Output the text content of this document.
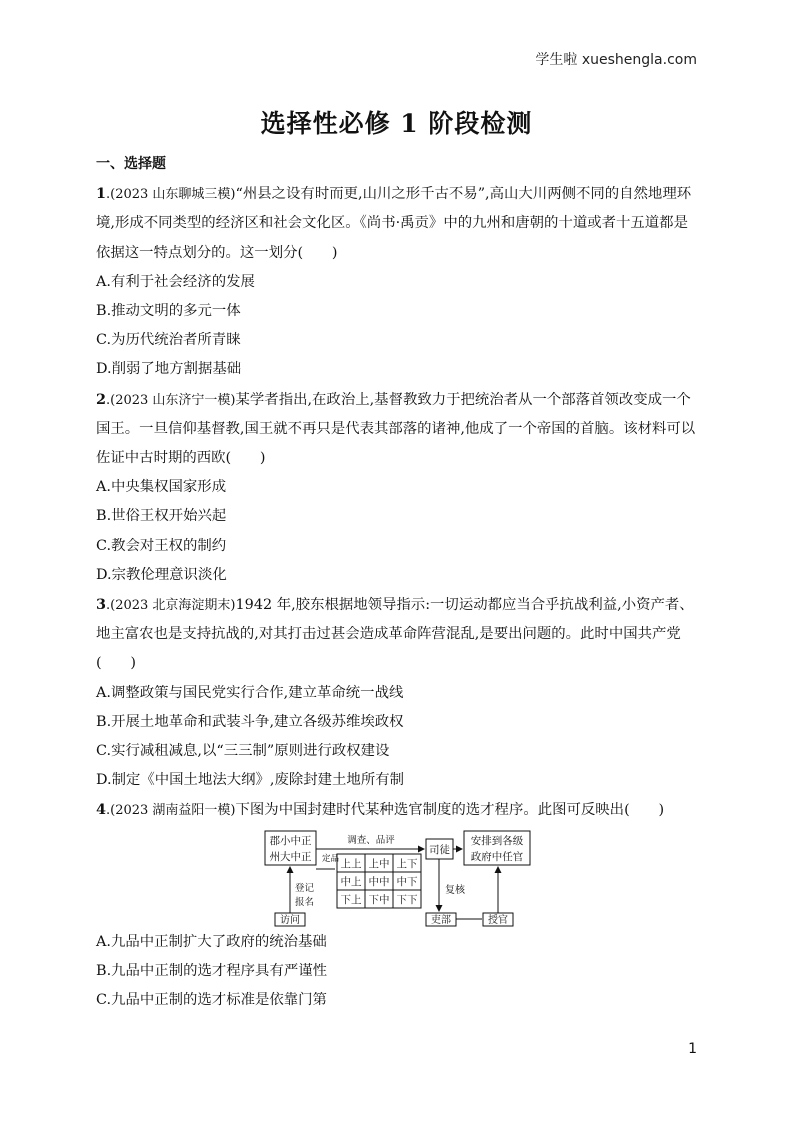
学生啦 xueshengla.com
选择性必修 1 阶段检测
一、选择题

1.(2023 山东聊城三模)“州县之设有时而更,山川之形千古不易”,高山大川两侧不同的自然地理环境,形成不同类型的经济区和社会文化区。《尚书·禹贡》中的九州和唐朝的十道或者十五道都是依据这一特点划分的。这一划分(　　)

A.有利于社会经济的发展

B.推动文明的多元一体

C.为历代统治者所青睐

D.削弱了地方割据基础

2.(2023 山东济宁一模)某学者指出,在政治上,基督教致力于把统治者从一个部落首领改变成一个国王。一旦信仰基督教,国王就不再只是代表其部落的诸神,他成了一个帝国的首脑。该材料可以佐证中古时期的西欧(　　)

A.中央集权国家形成

B.世俗王权开始兴起

C.教会对王权的制约

D.宗教伦理意识淡化

3.(2023 北京海淀期末)1942 年,胶东根据地领导指示:一切运动都应当合乎抗战利益,小资产者、地主富农也是支持抗战的,对其打击过甚会造成革命阵营混乱,是要出问题的。此时中国共产党(　　)

A.调整政策与国民党实行合作,建立革命统一战线

B.开展土地革命和武装斗争,建立各级苏维埃政权

C.实行减租减息,以“三三制”原则进行政权建设

D.制定《中国土地法大纲》,废除封建土地所有制

4.(2023 湖南益阳一模)下图为中国封建时代某种选官制度的选才程序。此图可反映出(　　)

郡小中正
州大中正
调查、品评
定品
上上 上中 上下
中上 中中 中下
下上 下中 下下
司徒
安排到各级
政府中任官
复核
吏部	授官
访问
登记
报名

A.九品中正制扩大了政府的统治基础

B.九品中正制的选才程序具有严谨性

C.九品中正制的选才标准是依靠门第

1
